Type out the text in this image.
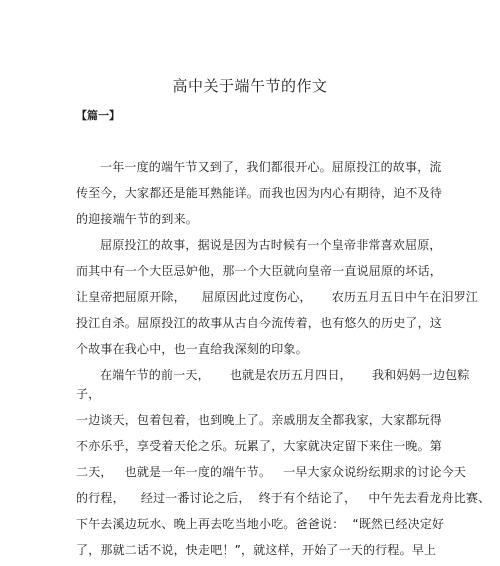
高中关于端午节的作文
【篇一】
一年一度的端午节又到了，我们都很开心。屈原投江的故事，流
传至今，大家都还是能耳熟能详。而我也因为内心有期待，迫不及待
的迎接端午节的到来。
屈原投江的故事，据说是因为古时候有一个皇帝非常喜欢屈原，
而其中有一个大臣忌妒他，那一个大臣就向皇帝一直说屈原的坏话，
让皇帝把屈原开除，    屈原因此过度伤心，     农历五月五日中午在汨罗江
投江自杀。屈原投江的故事从古自今流传着，也有悠久的历史了，这
个故事在我心中，也一直给我深刻的印象。
在端午节的前一天，     也就是农历五月四日，     我和妈妈一边包粽
子，
一边谈天，包着包着，也到晚上了。亲戚朋友全都我家，大家都玩得
不亦乐乎，享受着天伦之乐。玩累了，大家就决定留下来住一晚。第
二天，   也就是一年一度的端午节。   一早大家众说纷纭期求的讨论今天
的行程，    经过一番讨论之后，  终于有个结论了，   中午先去看龙舟比赛、
下午去溪边玩水、晚上再去吃当地小吃。爸爸说：  “既然已经决定好
了，那就二话不说，快走吧！”，就这样，开始了一天的行程。早上
